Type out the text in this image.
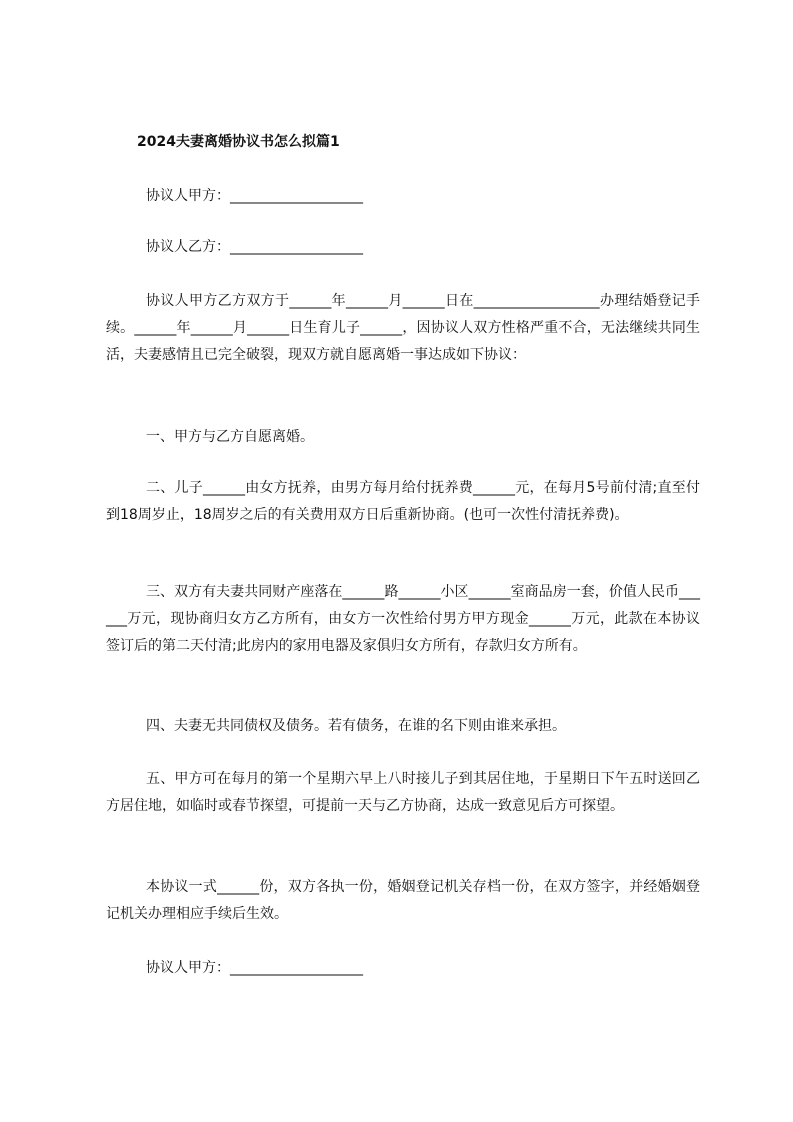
2024夫妻离婚协议书怎么拟篇1
协议人甲方：___________________
协议人乙方：___________________
协议人甲方乙方双方于______年______月______日在__________________办理结婚登记手续。______年______月______日生育儿子______，因协议人双方性格严重不合，无法继续共同生活，夫妻感情且已完全破裂，现双方就自愿离婚一事达成如下协议：
一、甲方与乙方自愿离婚。
二、儿子______由女方抚养，由男方每月给付抚养费______元，在每月5号前付清;直至付到18周岁止，18周岁之后的有关费用双方日后重新协商。(也可一次性付清抚养费)。
三、双方有夫妻共同财产座落在______路______小区______室商品房一套，价值人民币______万元，现协商归女方乙方所有，由女方一次性给付男方甲方现金______万元，此款在本协议签订后的第二天付清;此房内的家用电器及家俱归女方所有，存款归女方所有。
四、夫妻无共同债权及债务。若有债务，在谁的名下则由谁来承担。
五、甲方可在每月的第一个星期六早上八时接儿子到其居住地，于星期日下午五时送回乙方居住地，如临时或春节探望，可提前一天与乙方协商，达成一致意见后方可探望。
本协议一式______份，双方各执一份，婚姻登记机关存档一份，在双方签字，并经婚姻登记机关办理相应手续后生效。
协议人甲方：___________________
